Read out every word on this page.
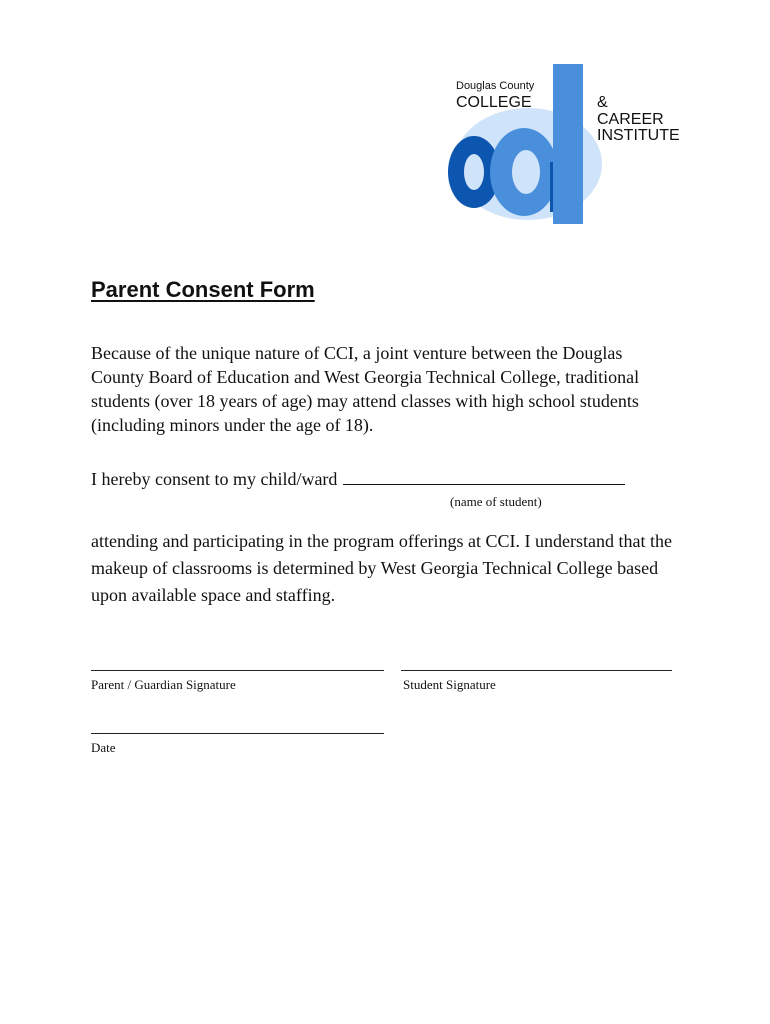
Douglas County
COLLEGE	&
CAREER
INSTITUTE
Parent Consent Form

Because of the unique nature of CCI, a joint venture between the Douglas County Board of Education and West Georgia Technical College, traditional students (over 18 years of age) may attend classes with high school students (including minors under the age of 18).

I hereby consent to my child/ward
(name of student)

attending and participating in the program offerings at CCI. I understand that the makeup of classrooms is determined by West Georgia Technical College based upon available space and staffing.

Parent / Guardian Signature	Student Signature
Date
